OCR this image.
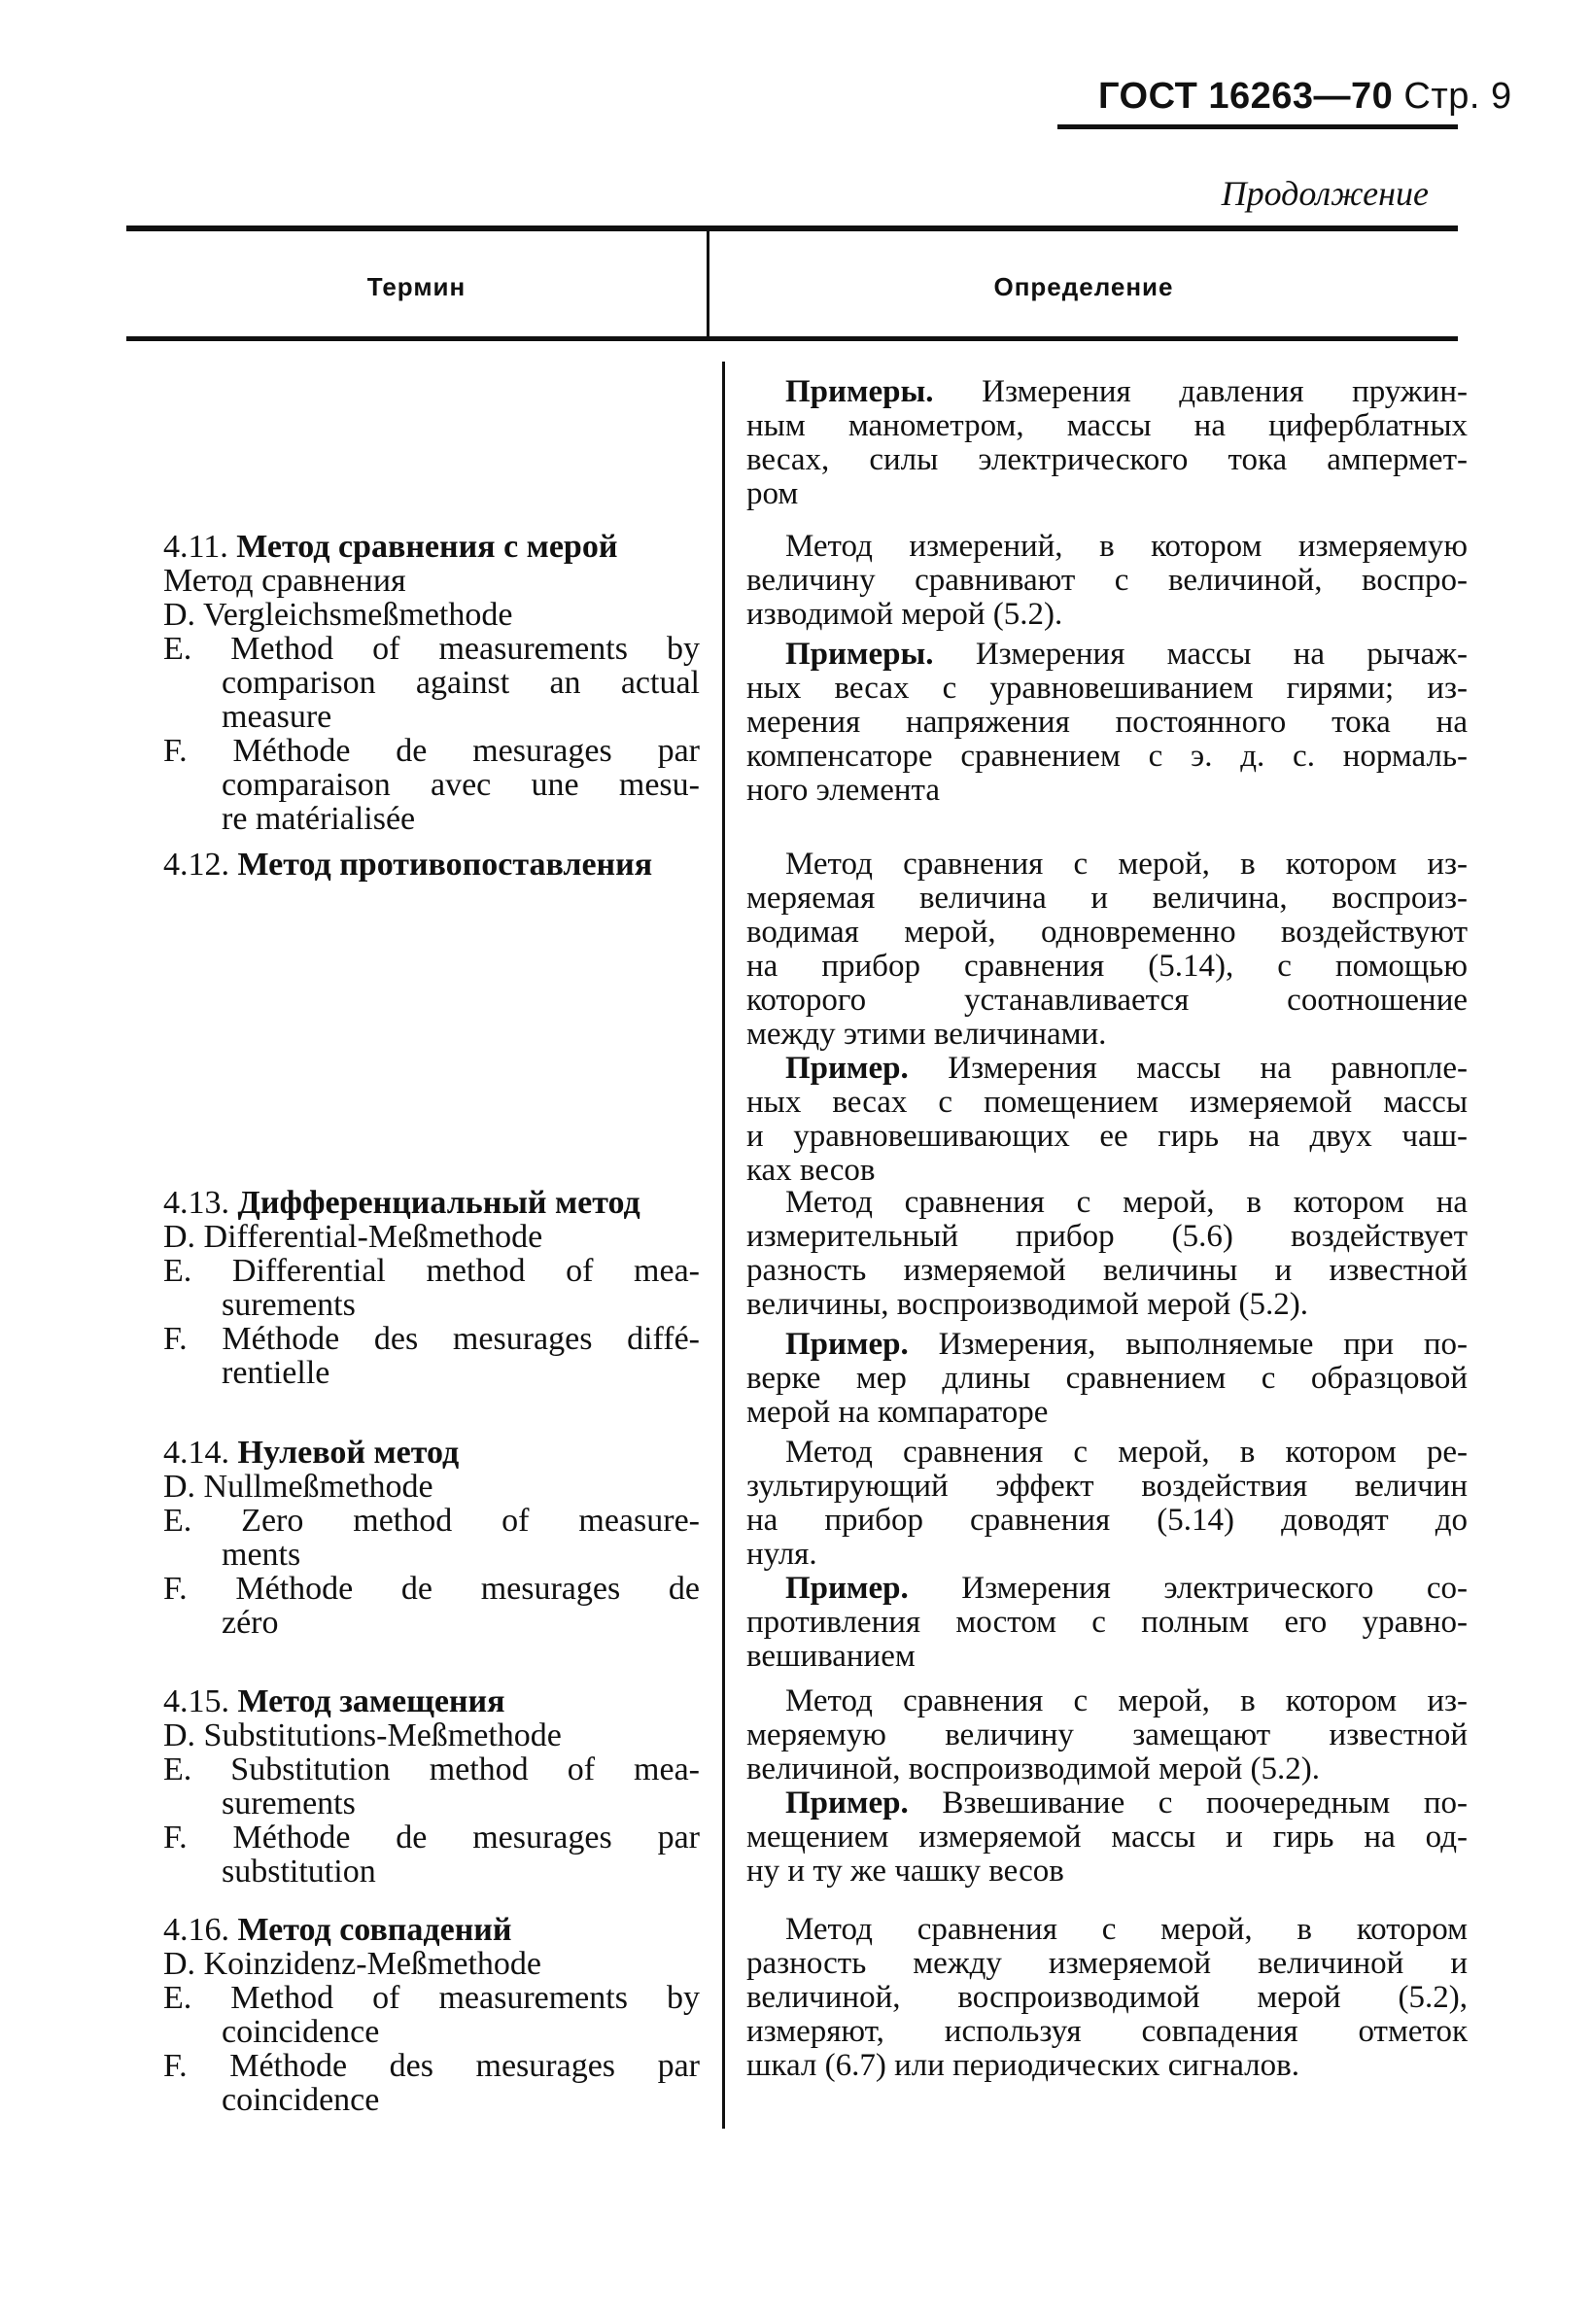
ГОСТ 16263—70 Стр. 9
Продолжение
Термин	Определение
Примеры. Измерения давления пружин-
ным манометром, массы на циферблатных
весах, силы электрического тока ампермет-
ром
4.11. Метод сравнения с мерой
Метод сравнения
D. Vergleichsmeßmethode
E. Method of measurements by
comparison against an actual
measure
F. Méthode de mesurages par
comparaison avec une mesu-
re matérialisée
Метод измерений, в котором измеряемую
величину сравнивают с величиной, воспро-
изводимой мерой (5.2).
Примеры. Измерения массы на рычаж-
ных весах с уравновешиванием гирями; из-
мерения напряжения постоянного тока на
компенсаторе сравнением с э. д. с. нормаль-
ного элемента
4.12. Метод противопоставления	Метод сравнения с мерой, в котором из-
меряемая величина и величина, воспроиз-
водимая мерой, одновременно воздействуют
на прибор сравнения (5.14), с помощью
которого устанавливается соотношение
между этими величинами.
Пример. Измерения массы на равнопле-
ных весах с помещением измеряемой массы
и уравновешивающих ее гирь на двух чаш-
ках весов
4.13. Дифференциальный метод
D. Differential-Meßmethode
E. Differential method of mea-
surements
F. Méthode des mesurages diffé-
rentielle
Метод сравнения с мерой, в котором на
измерительный прибор (5.6) воздействует
разность измеряемой величины и известной
величины, воспроизводимой мерой (5.2).
Пример. Измерения, выполняемые при по-
верке мер длины сравнением с образцовой
мерой на компараторе
4.14. Нулевой метод
D. Nullmeßmethode
E. Zero method of measure-
ments
F. Méthode de mesurages de
zéro
Метод сравнения с мерой, в котором ре-
зультирующий эффект воздействия величин
на прибор сравнения (5.14) доводят до
нуля.
Пример. Измерения электрического со-
противления мостом с полным его уравно-
вешиванием
4.15. Метод замещения
D. Substitutions-Meßmethode
E. Substitution method of mea-
surements
F. Méthode de mesurages par
substitution
Метод сравнения с мерой, в котором из-
меряемую величину замещают известной
величиной, воспроизводимой мерой (5.2).
Пример. Взвешивание с поочередным по-
мещением измеряемой массы и гирь на од-
ну и ту же чашку весов
4.16. Метод совпадений
D. Koinzidenz-Meßmethode
E. Method of measurements by
coincidence
F. Méthode des mesurages par
coincidence
Метод сравнения с мерой, в котором
разность между измеряемой величиной и
величиной, воспроизводимой мерой (5.2),
измеряют, используя совпадения отметок
шкал (6.7) или периодических сигналов.
